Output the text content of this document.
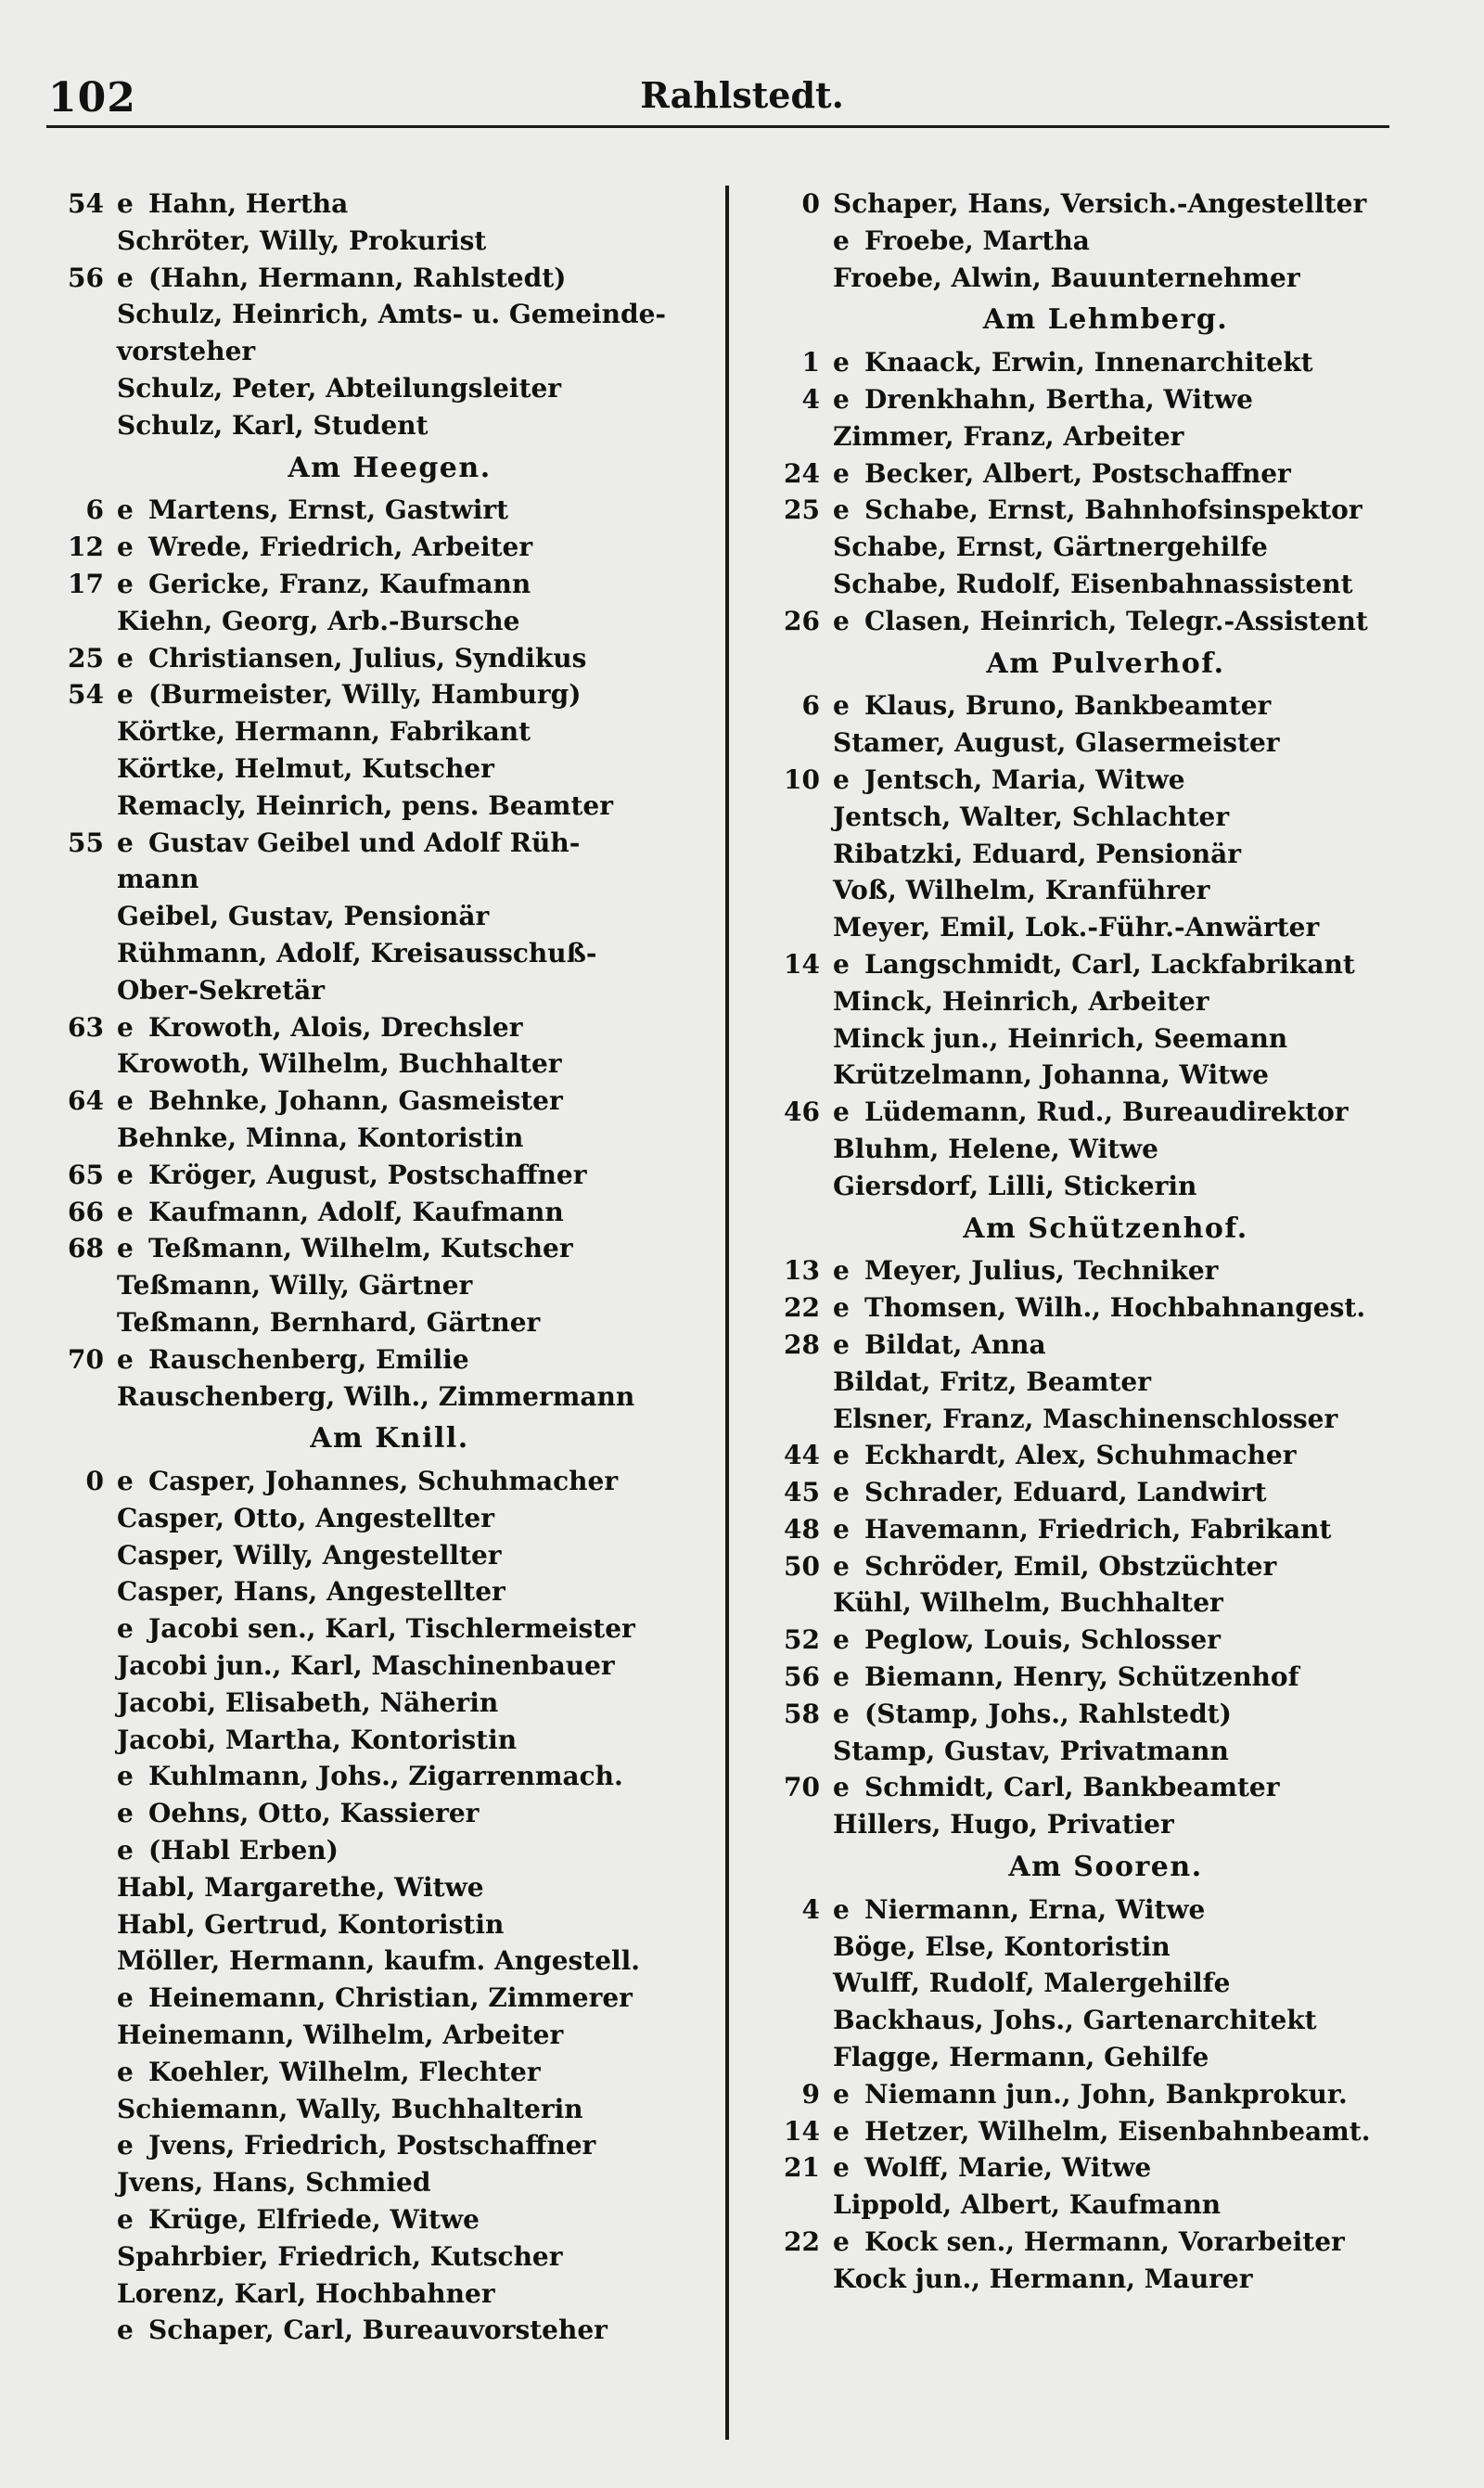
102	Rahlstedt.
54 e Hahn, Hertha
Schröter, Willy, Prokurist
56 e (Hahn, Hermann, Rahlstedt)
Schulz, Heinrich, Amts- u. Gemeinde-
vorsteher
Schulz, Peter, Abteilungsleiter
Schulz, Karl, Student
Am Heegen.
6 e Martens, Ernst, Gastwirt
12 e Wrede, Friedrich, Arbeiter
17 e Gericke, Franz, Kaufmann
Kiehn, Georg, Arb.-Bursche
25 e Christiansen, Julius, Syndikus
54 e (Burmeister, Willy, Hamburg)
Körtke, Hermann, Fabrikant
Körtke, Helmut, Kutscher
Remacly, Heinrich, pens. Beamter
55 e Gustav Geibel und Adolf Rüh-
mann
Geibel, Gustav, Pensionär
Rühmann, Adolf, Kreisausschuß-
Ober-Sekretär
63 e Krowoth, Alois, Drechsler
Krowoth, Wilhelm, Buchhalter
64 e Behnke, Johann, Gasmeister
Behnke, Minna, Kontoristin
65 e Kröger, August, Postschaffner
66 e Kaufmann, Adolf, Kaufmann
68 e Teßmann, Wilhelm, Kutscher
Teßmann, Willy, Gärtner
Teßmann, Bernhard, Gärtner
70 e Rauschenberg, Emilie
Rauschenberg, Wilh., Zimmermann
Am Knill.
0 e Casper, Johannes, Schuhmacher
Casper, Otto, Angestellter
Casper, Willy, Angestellter
Casper, Hans, Angestellter
e Jacobi sen., Karl, Tischlermeister
Jacobi jun., Karl, Maschinenbauer
Jacobi, Elisabeth, Näherin
Jacobi, Martha, Kontoristin
e Kuhlmann, Johs., Zigarrenmach.
e Oehns, Otto, Kassierer
e (Habl Erben)
Habl, Margarethe, Witwe
Habl, Gertrud, Kontoristin
Möller, Hermann, kaufm. Angestell.
e Heinemann, Christian, Zimmerer
Heinemann, Wilhelm, Arbeiter
e Koehler, Wilhelm, Flechter
Schiemann, Wally, Buchhalterin
e Jvens, Friedrich, Postschaffner
Jvens, Hans, Schmied
e Krüge, Elfriede, Witwe
Spahrbier, Friedrich, Kutscher
Lorenz, Karl, Hochbahner
e Schaper, Carl, Bureauvorsteher
0 Schaper, Hans, Versich.-Angestellter
e Froebe, Martha
Froebe, Alwin, Bauunternehmer
Am Lehmberg.
1 e Knaack, Erwin, Innenarchitekt
4 e Drenkhahn, Bertha, Witwe
Zimmer, Franz, Arbeiter
24 e Becker, Albert, Postschaffner
25 e Schabe, Ernst, Bahnhofsinspektor
Schabe, Ernst, Gärtnergehilfe
Schabe, Rudolf, Eisenbahnassistent
26 e Clasen, Heinrich, Telegr.-Assistent
Am Pulverhof.
6 e Klaus, Bruno, Bankbeamter
Stamer, August, Glasermeister
10 e Jentsch, Maria, Witwe
Jentsch, Walter, Schlachter
Ribatzki, Eduard, Pensionär
Voß, Wilhelm, Kranführer
Meyer, Emil, Lok.-Führ.-Anwärter
14 e Langschmidt, Carl, Lackfabrikant
Minck, Heinrich, Arbeiter
Minck jun., Heinrich, Seemann
Krützelmann, Johanna, Witwe
46 e Lüdemann, Rud., Bureaudirektor
Bluhm, Helene, Witwe
Giersdorf, Lilli, Stickerin
Am Schützenhof.
13 e Meyer, Julius, Techniker
22 e Thomsen, Wilh., Hochbahnangest.
28 e Bildat, Anna
Bildat, Fritz, Beamter
Elsner, Franz, Maschinenschlosser
44 e Eckhardt, Alex, Schuhmacher
45 e Schrader, Eduard, Landwirt
48 e Havemann, Friedrich, Fabrikant
50 e Schröder, Emil, Obstzüchter
Kühl, Wilhelm, Buchhalter
52 e Peglow, Louis, Schlosser
56 e Biemann, Henry, Schützenhof
58 e (Stamp, Johs., Rahlstedt)
Stamp, Gustav, Privatmann
70 e Schmidt, Carl, Bankbeamter
Hillers, Hugo, Privatier
Am Sooren.
4 e Niermann, Erna, Witwe
Böge, Else, Kontoristin
Wulff, Rudolf, Malergehilfe
Backhaus, Johs., Gartenarchitekt
Flagge, Hermann, Gehilfe
9 e Niemann jun., John, Bankprokur.
14 e Hetzer, Wilhelm, Eisenbahnbeamt.
21 e Wolff, Marie, Witwe
Lippold, Albert, Kaufmann
22 e Kock sen., Hermann, Vorarbeiter
Kock jun., Hermann, Maurer
